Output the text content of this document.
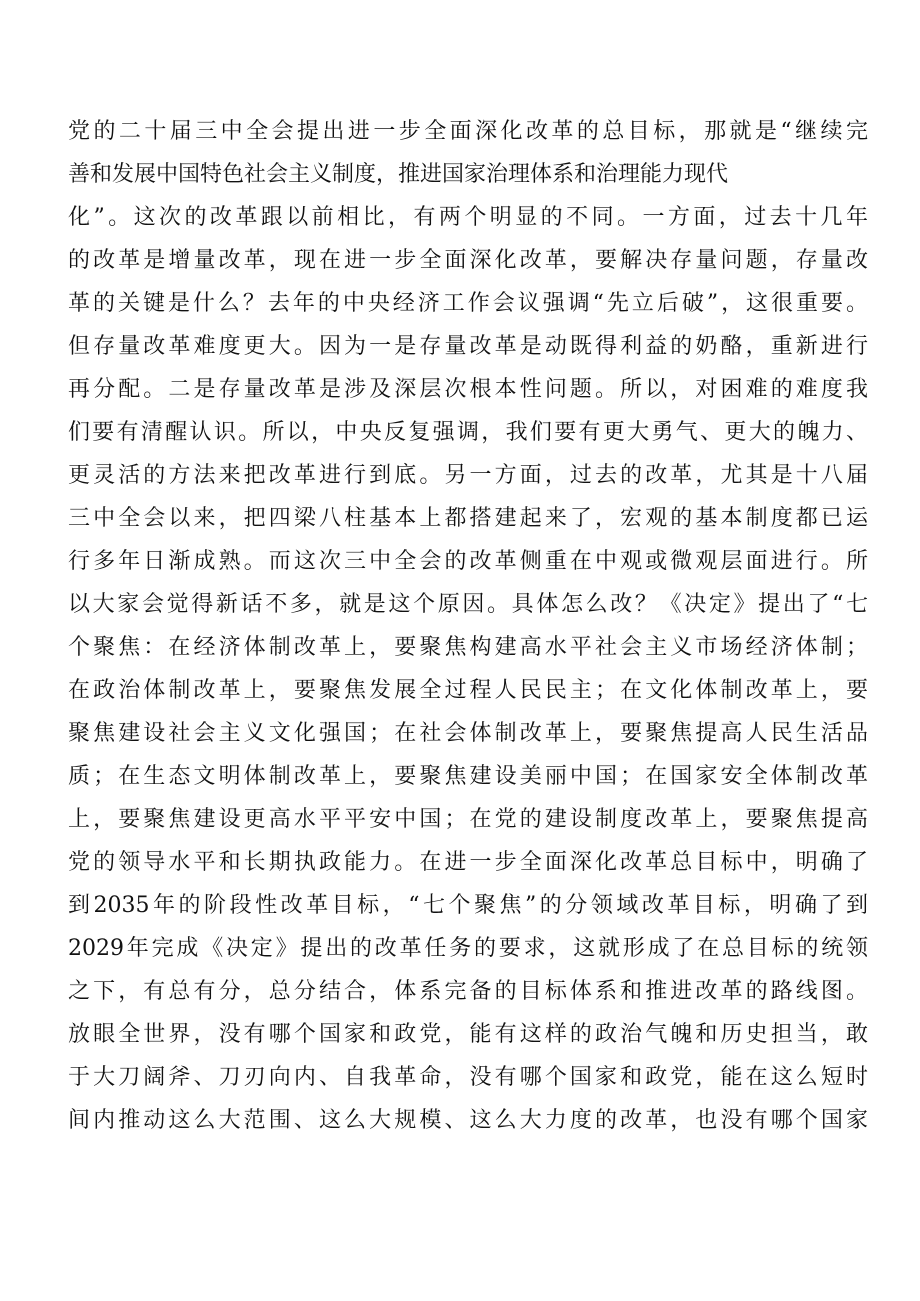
党的二十届三中全会提出进一步全面深化改革的总目标，那就是“继续完
善和发展中国特色社会主义制度，推进国家治理体系和治理能力现代
化”。这次的改革跟以前相比，有两个明显的不同。一方面，过去十几年
的改革是增量改革，现在进一步全面深化改革，要解决存量问题，存量改
革的关键是什么？去年的中央经济工作会议强调“先立后破”，这很重要。
但存量改革难度更大。因为一是存量改革是动既得利益的奶酪，重新进行
再分配。二是存量改革是涉及深层次根本性问题。所以，对困难的难度我
们要有清醒认识。所以，中央反复强调，我们要有更大勇气、更大的魄力、
更灵活的方法来把改革进行到底。另一方面，过去的改革，尤其是十八届
三中全会以来，把四梁八柱基本上都搭建起来了，宏观的基本制度都已运
行多年日渐成熟。而这次三中全会的改革侧重在中观或微观层面进行。所
以大家会觉得新话不多，就是这个原因。具体怎么改？《决定》提出了“七
个聚焦：在经济体制改革上，要聚焦构建高水平社会主义市场经济体制；
在政治体制改革上，要聚焦发展全过程人民民主；在文化体制改革上，要
聚焦建设社会主义文化强国；在社会体制改革上，要聚焦提高人民生活品
质；在生态文明体制改革上，要聚焦建设美丽中国；在国家安全体制改革
上，要聚焦建设更高水平平安中国；在党的建设制度改革上，要聚焦提高
党的领导水平和长期执政能力。在进一步全面深化改革总目标中，明确了
到2035年的阶段性改革目标，“七个聚焦”的分领域改革目标，明确了到
2029年完成《决定》提出的改革任务的要求，这就形成了在总目标的统领
之下，有总有分，总分结合，体系完备的目标体系和推进改革的路线图。
放眼全世界，没有哪个国家和政党，能有这样的政治气魄和历史担当，敢
于大刀阔斧、刀刃向内、自我革命，没有哪个国家和政党，能在这么短时
间内推动这么大范围、这么大规模、这么大力度的改革，也没有哪个国家
